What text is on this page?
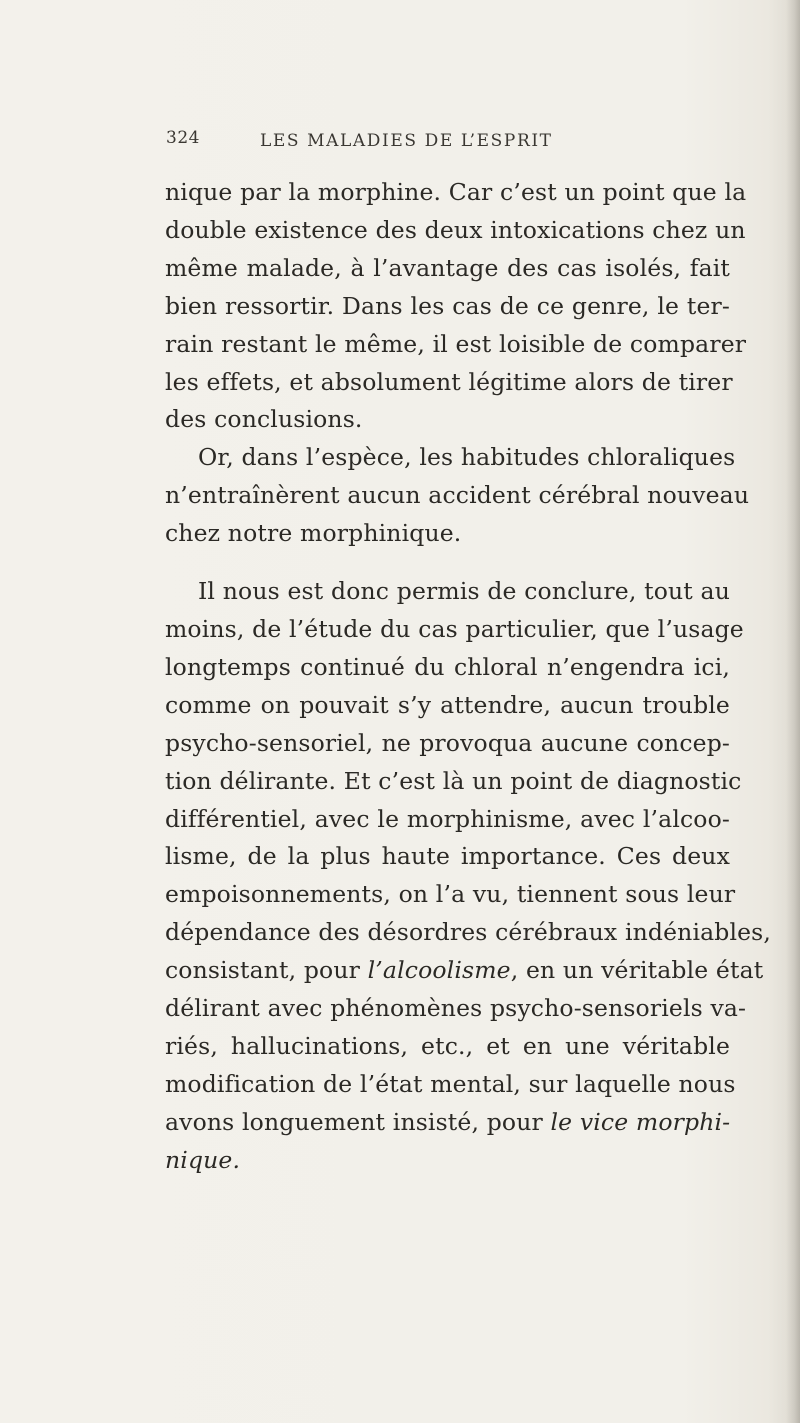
324	LES MALADIES DE L’ESPRIT

nique par la morphine. Car c’est un point que la
double existence des deux intoxications chez un
même malade, à l’avantage des cas isolés, fait
bien ressortir. Dans les cas de ce genre, le ter-
rain restant le même, il est loisible de comparer
les effets, et absolument légitime alors de tirer
des conclusions.

Or, dans l’espèce, les habitudes chloraliques
n’entraînèrent aucun accident cérébral nouveau
chez notre morphinique.

Il nous est donc permis de conclure, tout au
moins, de l’étude du cas particulier, que l’usage
longtemps continué du chloral n’engendra ici,
comme on pouvait s’y attendre, aucun trouble
psycho-sensoriel, ne provoqua aucune concep-
tion délirante. Et c’est là un point de diagnostic
différentiel, avec le morphinisme, avec l’alcoo-
lisme, de la plus haute importance. Ces deux
empoisonnements, on l’a vu, tiennent sous leur
dépendance des désordres cérébraux indéniables,
consistant, pour l’alcoolisme, en un véritable état
délirant avec phénomènes psycho-sensoriels va-
riés, hallucinations, etc., et en une véritable
modification de l’état mental, sur laquelle nous
avons longuement insisté, pour le vice morphi-
nique.
